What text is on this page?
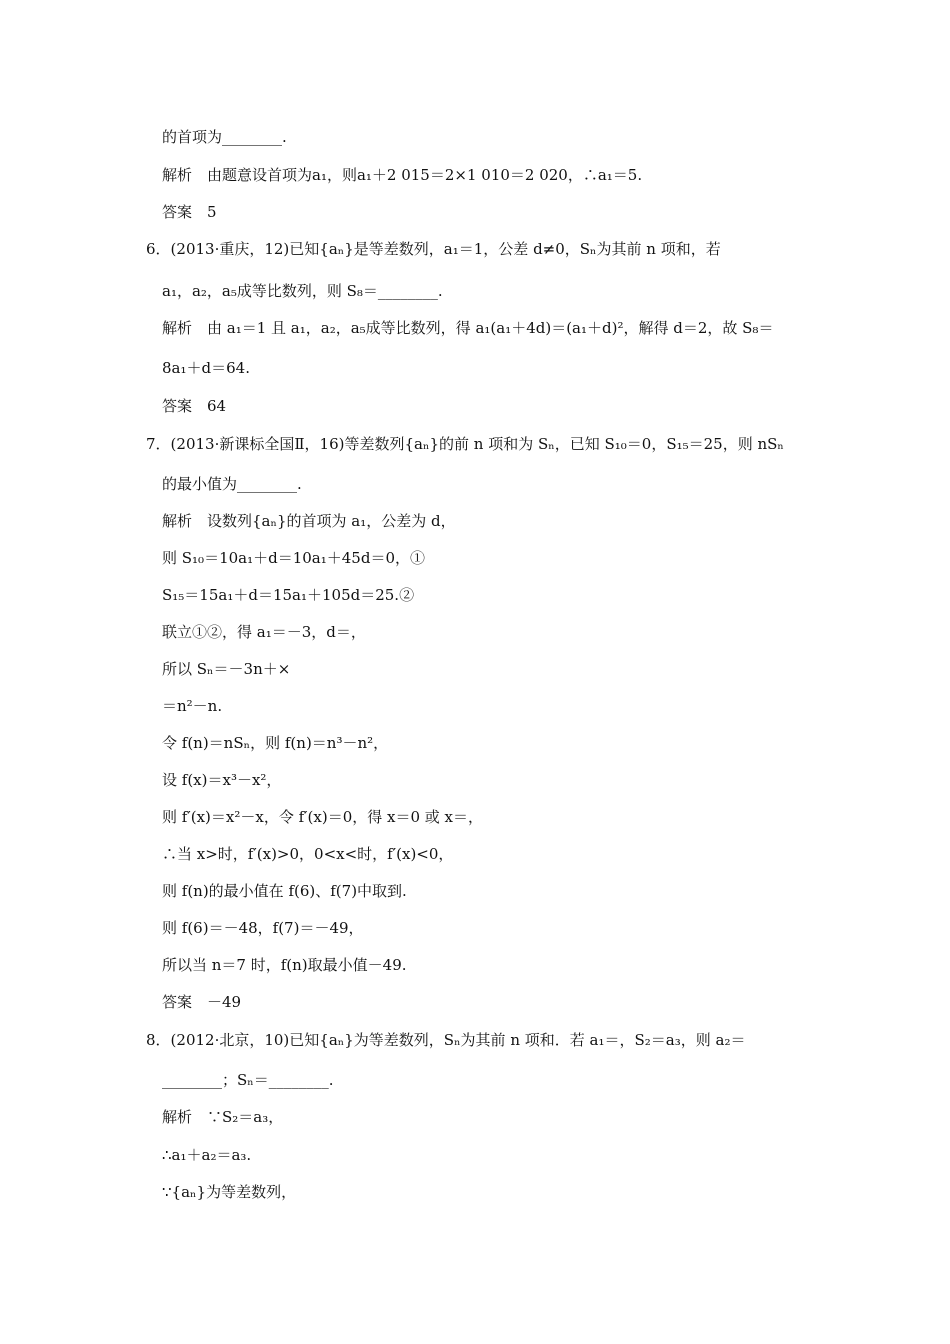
的首项为________.
解析　由题意设首项为a₁，则a₁＋2 015＝2×1 010＝2 020，∴a₁＝5.
答案　5
6．(2013·重庆，12)已知{aₙ}是等差数列，a₁＝1，公差 d≠0，Sₙ为其前 n 项和，若
a₁，a₂，a₅成等比数列，则 S₈＝________.
解析　由 a₁＝1 且 a₁，a₂，a₅成等比数列，得 a₁(a₁＋4d)＝(a₁＋d)²，解得 d＝2，故 S₈＝
8a₁＋d＝64.
答案　64
7．(2013·新课标全国Ⅱ，16)等差数列{aₙ}的前 n 项和为 Sₙ，已知 S₁₀＝0，S₁₅＝25，则 nSₙ
的最小值为________.
解析　设数列{aₙ}的首项为 a₁，公差为 d，
则 S₁₀＝10a₁＋d＝10a₁＋45d＝0，①
S₁₅＝15a₁＋d＝15a₁＋105d＝25.②
联立①②，得 a₁＝－3，d＝，
所以 Sₙ＝－3n＋×
＝n²－n.
令 f(n)＝nSₙ，则 f(n)＝n³－n²，
设 f(x)＝x³－x²，
则 f′(x)＝x²－x，令 f′(x)＝0，得 x＝0 或 x＝，
∴当 x>时，f′(x)>0，0<x<时，f′(x)<0，
则 f(n)的最小值在 f(6)、f(7)中取到.
则 f(6)＝－48，f(7)＝－49，
所以当 n＝7 时，f(n)取最小值－49.
答案　－49
8．(2012·北京，10)已知{aₙ}为等差数列，Sₙ为其前 n 项和．若 a₁＝，S₂＝a₃，则 a₂＝
________；Sₙ＝________.
解析　∵S₂＝a₃，
∴a₁＋a₂＝a₃.
∵{aₙ}为等差数列，
